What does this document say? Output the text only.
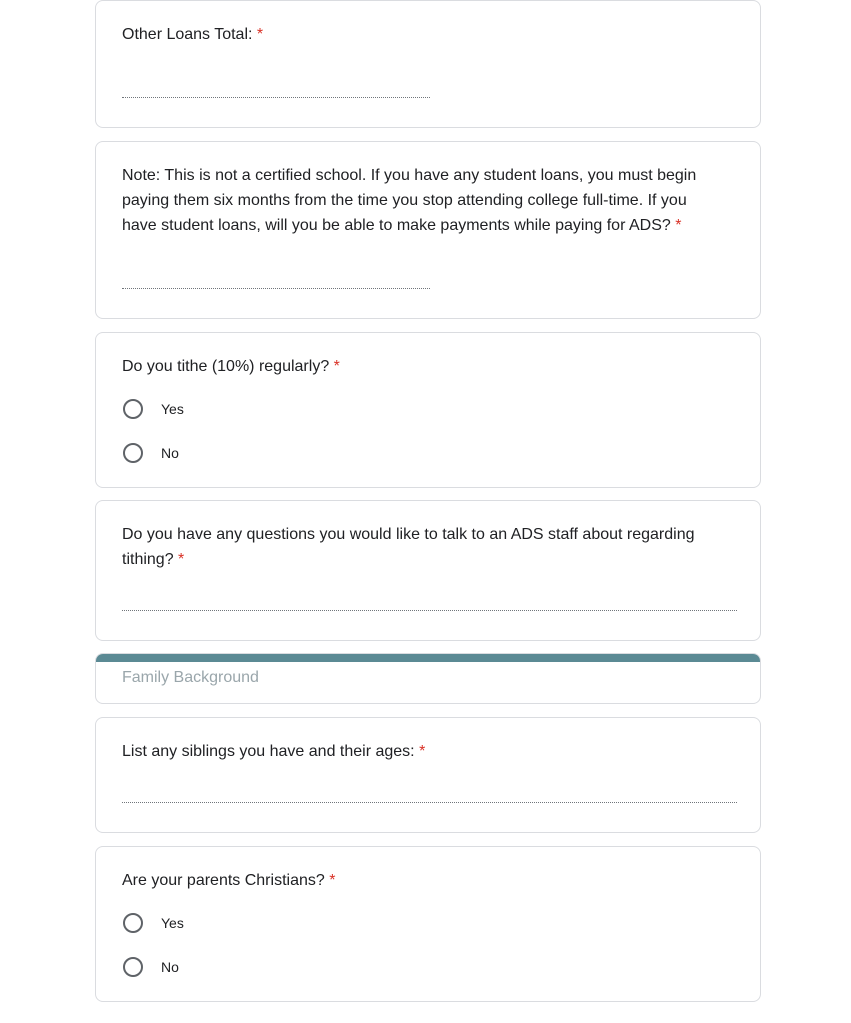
Other Loans Total: *
Note: This is not a certified school. If you have any student loans, you must begin paying them six months from the time you stop attending college full-time. If you have student loans, will you be able to make payments while paying for ADS? *
Do you tithe (10%) regularly? *
Yes
No
Do you have any questions you would like to talk to an ADS staff about regarding tithing? *
Family Background
List any siblings you have and their ages: *
Are your parents Christians? *
Yes
No
